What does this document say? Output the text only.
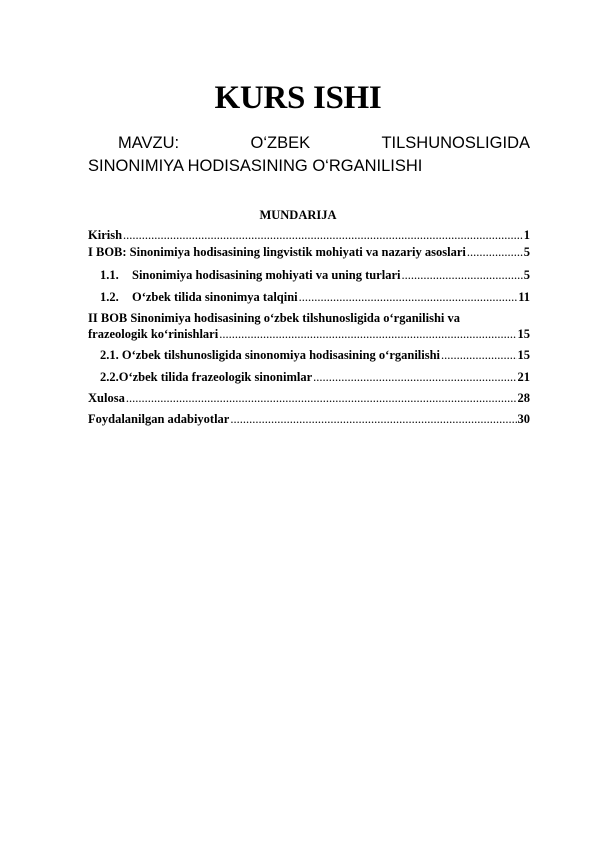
KURS ISHI
MAVZU:	O‘ZBEK	TILSHUNOSLIGIDA
SINONIMIYA HODISASINING O‘RGANILISHI
MUNDARIJA
Kirish .....	1
I BOB: Sinonimiya hodisasining lingvistik mohiyati va nazariy asoslari .....	5
1.1. Sinonimiya hodisasining mohiyati va uning turlari .....	5
1.2. O‘zbek tilida sinonimya talqini .....	11
II BOB Sinonimiya hodisasining o‘zbek tilshunosligida o‘rganilishi va
frazeologik ko‘rinishlari .....	15
2.1. O‘zbek tilshunosligida sinonomiya hodisasining o‘rganilishi .....	15
2.2.O‘zbek tilida frazeologik sinonimlar .....	21
Xulosa .....	28
Foydalanilgan adabiyotlar .....	30
